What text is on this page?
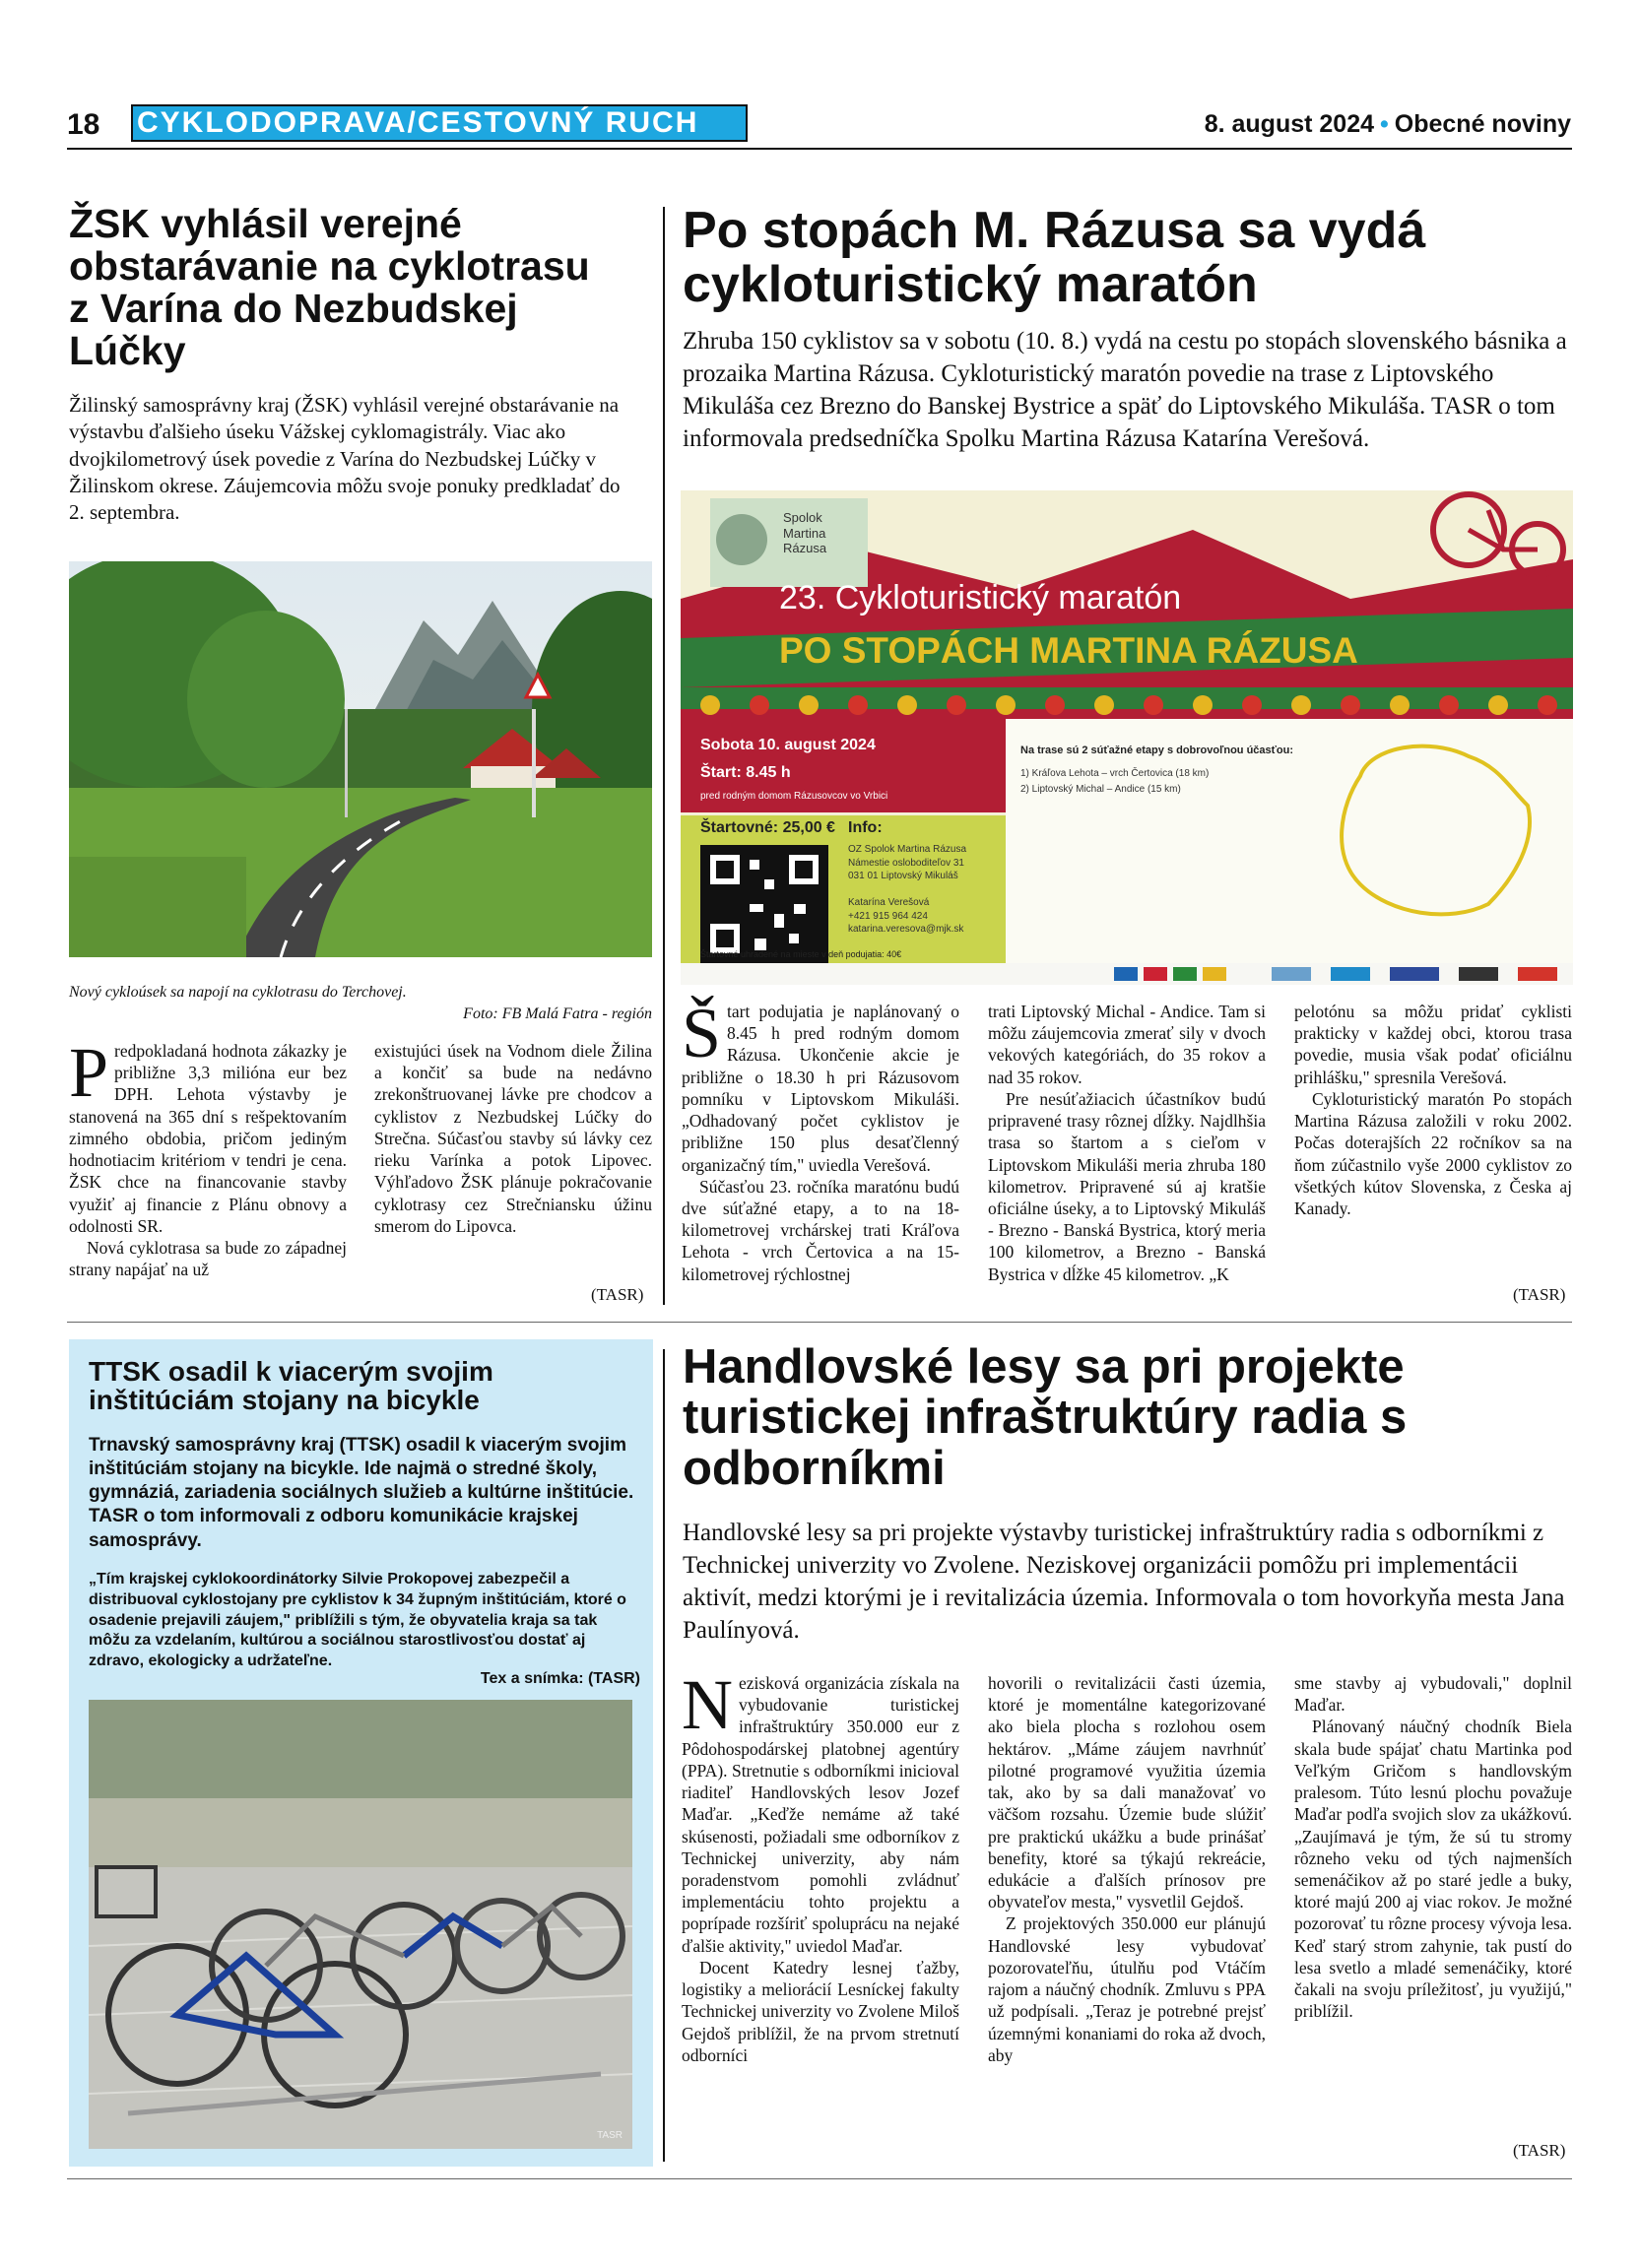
18 CYKLODOPRAVA/CESTOVNÝ RUCH	8. august 2024 • Obecné noviny
ŽSK vyhlásil verejné obstarávanie na cyklotrasu z Varína do Nezbudskej Lúčky
Žilinský samosprávny kraj (ŽSK) vyhlásil verejné obstarávanie na výstavbu ďalšieho úseku Vážskej cyklomagistrály. Viac ako dvojkilometrový úsek povedie z Varína do Nezbudskej Lúčky v Žilinskom okrese. Záujemcovia môžu svoje ponuky predkladať do 2. septembra.
Nový cykloúsek sa napojí na cyklotrasu do Terchovej.
Foto: FB Malá Fatra - región
P redpokladaná hodnota zákazky je približne 3,3 milióna eur bez DPH. Lehota výstavby je stanovená na 365 dní s rešpektovaním zimného obdobia, pričom jediným hodnotiacim kritériom v tendri je cena. ŽSK chce na financovanie stavby využiť aj financie z Plánu obnovy a odolnosti SR.

Nová cyklotrasa sa bude zo západnej strany napájať na už

existujúci úsek na Vodnom diele Žilina a končiť sa bude na nedávno zrekonštruovanej lávke pre chodcov a cyklistov z Nezbudskej Lúčky do Strečna. Súčasťou stavby sú lávky cez rieku Varínka a potok Lipovec. Výhľadovo ŽSK plánuje pokračovanie cyklotrasy cez Strečniansku úžinu smerom do Lipovca.

(TASR)
Po stopách M. Rázusa sa vydá cykloturistický maratón
Zhruba 150 cyklistov sa v sobotu (10. 8.) vydá na cestu po stopách slovenského básnika a prozaika Martina Rázusa. Cykloturistický maratón povedie na trase z Liptovského Mikuláša cez Brezno do Banskej Bystrice a späť do Liptovského Mikuláša. TASR o tom informovala predsedníčka Spolku Martina Rázusa Katarína Verešová.
Spolok Martina Rázusa
23. Cykloturistický maratón
PO STOPÁCH MARTINA RÁZUSA
Sobota 10. august 2024
Štart: 8.45 h
pred rodným domom Rázusovcov vo Vrbici
Štartovné: 25,00 €
Na trase sú 2 súťažné etapy s dobrovoľnou účasťou:
1) Kráľova Lehota – vrch Čertovica (18 km)
2) Liptovský Michal – Andice (15 km)
Info:
OZ Spolok Martina Rázusa
Námestie osloboditeľov 31
031 01 Liptovský Mikuláš

Katarína Verešová
+421 915 964 424
katarina.veresova@mjk.sk
Štartovné uhradené na mieste v deň podujatia: 40€
Š tart podujatia je naplánovaný o 8.45 h pred rodným domom Rázusa. Ukončenie akcie je približne o 18.30 h pri Rázusovom pomníku v Liptovskom Mikuláši. „Odhadovaný počet cyklistov je približne 150 plus desaťčlenný organizačný tím," uviedla Verešová.

Súčasťou 23. ročníka maratónu budú dve súťažné etapy, a to na 18-kilometrovej vrchárskej trati Kráľova Lehota - vrch Čertovica a na 15-kilometrovej rýchlostnej

trati Liptovský Michal - Andice. Tam si môžu záujemcovia zmerať sily v dvoch vekových kategóriách, do 35 rokov a nad 35 rokov.

Pre nesúťažiacich účastníkov budú pripravené trasy rôznej dĺžky. Najdlhšia trasa so štartom a s cieľom v Liptovskom Mikuláši meria zhruba 180 kilometrov. Pripravené sú aj kratšie oficiálne úseky, a to Liptovský Mikuláš - Brezno - Banská Bystrica, ktorý meria 100 kilometrov, a Brezno - Banská Bystrica v dĺžke 45 kilometrov. „K

pelotónu sa môžu pridať cyklisti prakticky v každej obci, ktorou trasa povedie, musia však podať oficiálnu prihlášku," spresnila Verešová.

Cykloturistický maratón Po stopách Martina Rázusa založili v roku 2002. Počas doterajších 22 ročníkov sa na ňom zúčastnilo vyše 2000 cyklistov zo všetkých kútov Slovenska, z Česka aj Kanady.

(TASR)
TTSK osadil k viacerým svojim inštitúciám stojany na bicykle
Trnavský samosprávny kraj (TTSK) osadil k viacerým svojim inštitúciám stojany na bicykle. Ide najmä o stredné školy, gymnáziá, zariadenia sociálnych služieb a kultúrne inštitúcie. TASR o tom informovali z odboru komunikácie krajskej samosprávy.
„Tím krajskej cyklokoordinátorky Silvie Prokopovej zabezpečil a distribuoval cyklostojany pre cyklistov k 34 župným inštitúciám, ktoré o osadenie prejavili záujem," priblížili s tým, že obyvatelia kraja sa tak môžu za vzdelaním, kultúrou a sociálnou starostlivosťou dostať aj zdravo, ekologicky a udržateľne.
Tex a snímka: (TASR)
TASR
Handlovské lesy sa pri projekte turistickej infraštruktúry radia s odborníkmi
Handlovské lesy sa pri projekte výstavby turistickej infraštruktúry radia s odborníkmi z Technickej univerzity vo Zvolene. Neziskovej organizácii pomôžu pri implementácii aktivít, medzi ktorými je i revitalizácia územia. Informovala o tom hovorkyňa mesta Jana Paulínyová.
N ezisková organizácia získala na vybudovanie turistickej infraštruktúry 350.000 eur z Pôdohospodárskej platobnej agentúry (PPA). Stretnutie s odborníkmi inicioval riaditeľ Handlovských lesov Jozef Maďar. „Keďže nemáme až také skúsenosti, požiadali sme odborníkov z Technickej univerzity, aby nám poradenstvom pomohli zvládnuť implementáciu tohto projektu a poprípade rozšíriť spoluprácu na nejaké ďalšie aktivity," uviedol Maďar.

Docent Katedry lesnej ťažby, logistiky a meliorácií Lesníckej fakulty Technickej univerzity vo Zvolene Miloš Gejdoš priblížil, že na prvom stretnutí odborníci

hovorili o revitalizácii časti územia, ktoré je momentálne kategorizované ako biela plocha s rozlohou osem hektárov. „Máme záujem navrhnúť pilotné programové využitia územia tak, ako by sa dali manažovať vo väčšom rozsahu. Územie bude slúžiť pre praktickú ukážku a bude prinášať benefity, ktoré sa týkajú rekreácie, edukácie a ďalších prínosov pre obyvateľov mesta," vysvetlil Gejdoš.

Z projektových 350.000 eur plánujú Handlovské lesy vybudovať pozorovateľňu, útulňu pod Vtáčím rajom a náučný chodník. Zmluvu s PPA už podpísali. „Teraz je potrebné prejsť územnými konaniami do roka až dvoch, aby

sme stavby aj vybudovali," doplnil Maďar.

Plánovaný náučný chodník Biela skala bude spájať chatu Martinka pod Veľkým Gričom s handlovským pralesom. Túto lesnú plochu považuje Maďar podľa svojich slov za ukážkovú. „Zaujímavá je tým, že sú tu stromy rôzneho veku od tých najmenších semenáčikov až po staré jedle a buky, ktoré majú 200 aj viac rokov. Je možné pozorovať tu rôzne procesy vývoja lesa. Keď starý strom zahynie, tak pustí do lesa svetlo a mladé semenáčiky, ktoré čakali na svoju príležitosť, ju využijú," priblížil.

(TASR)
